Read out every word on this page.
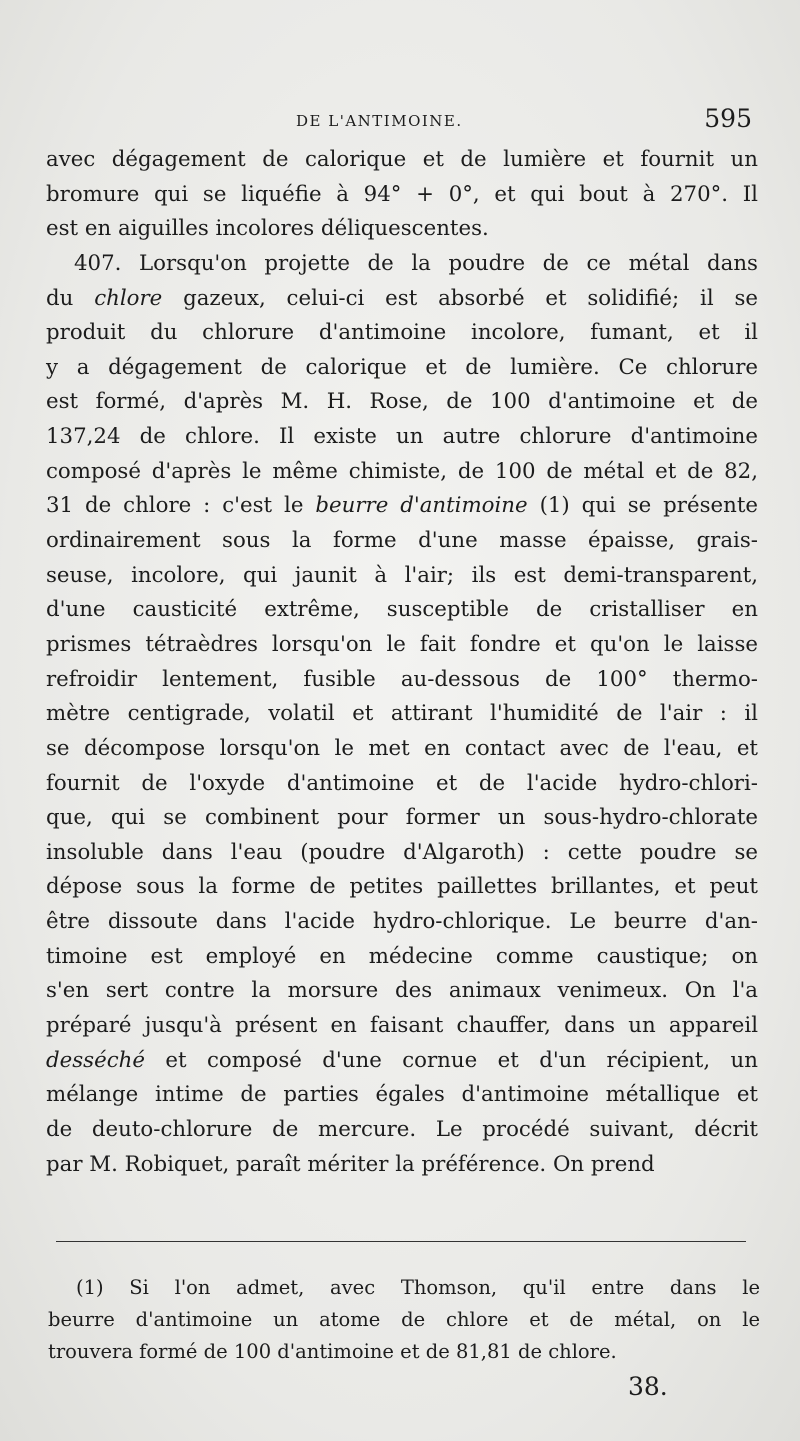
DE L'ANTIMOINE.	595
avec dégagement de calorique et de lumière et fournit un
bromure qui se liquéfie à 94° + 0°, et qui bout à 270°. Il
est en aiguilles incolores déliquescentes.
407. Lorsqu'on projette de la poudre de ce métal dans
du chlore gazeux, celui-ci est absorbé et solidifié; il se
produit du chlorure d'antimoine incolore, fumant, et il
y a dégagement de calorique et de lumière. Ce chlorure
est formé, d'après M. H. Rose, de 100 d'antimoine et de
137,24 de chlore. Il existe un autre chlorure d'antimoine
composé d'après le même chimiste, de 100 de métal et de 82,
31 de chlore : c'est le beurre d'antimoine (1) qui se présente
ordinairement sous la forme d'une masse épaisse, grais-
seuse, incolore, qui jaunit à l'air; ils est demi-transparent,
d'une causticité extrême, susceptible de cristalliser en
prismes tétraèdres lorsqu'on le fait fondre et qu'on le laisse
refroidir lentement, fusible au-dessous de 100° thermo-
mètre centigrade, volatil et attirant l'humidité de l'air : il
se décompose lorsqu'on le met en contact avec de l'eau, et
fournit de l'oxyde d'antimoine et de l'acide hydro-chlori-
que, qui se combinent pour former un sous-hydro-chlorate
insoluble dans l'eau (poudre d'Algaroth) : cette poudre se
dépose sous la forme de petites paillettes brillantes, et peut
être dissoute dans l'acide hydro-chlorique. Le beurre d'an-
timoine est employé en médecine comme caustique; on
s'en sert contre la morsure des animaux venimeux. On l'a
préparé jusqu'à présent en faisant chauffer, dans un appareil
desséché et composé d'une cornue et d'un récipient, un
mélange intime de parties égales d'antimoine métallique et
de deuto-chlorure de mercure. Le procédé suivant, décrit
par M. Robiquet, paraît mériter la préférence. On prend
(1) Si l'on admet, avec Thomson, qu'il entre dans le
beurre d'antimoine un atome de chlore et de métal, on le
trouvera formé de 100 d'antimoine et de 81,81 de chlore.
38.
